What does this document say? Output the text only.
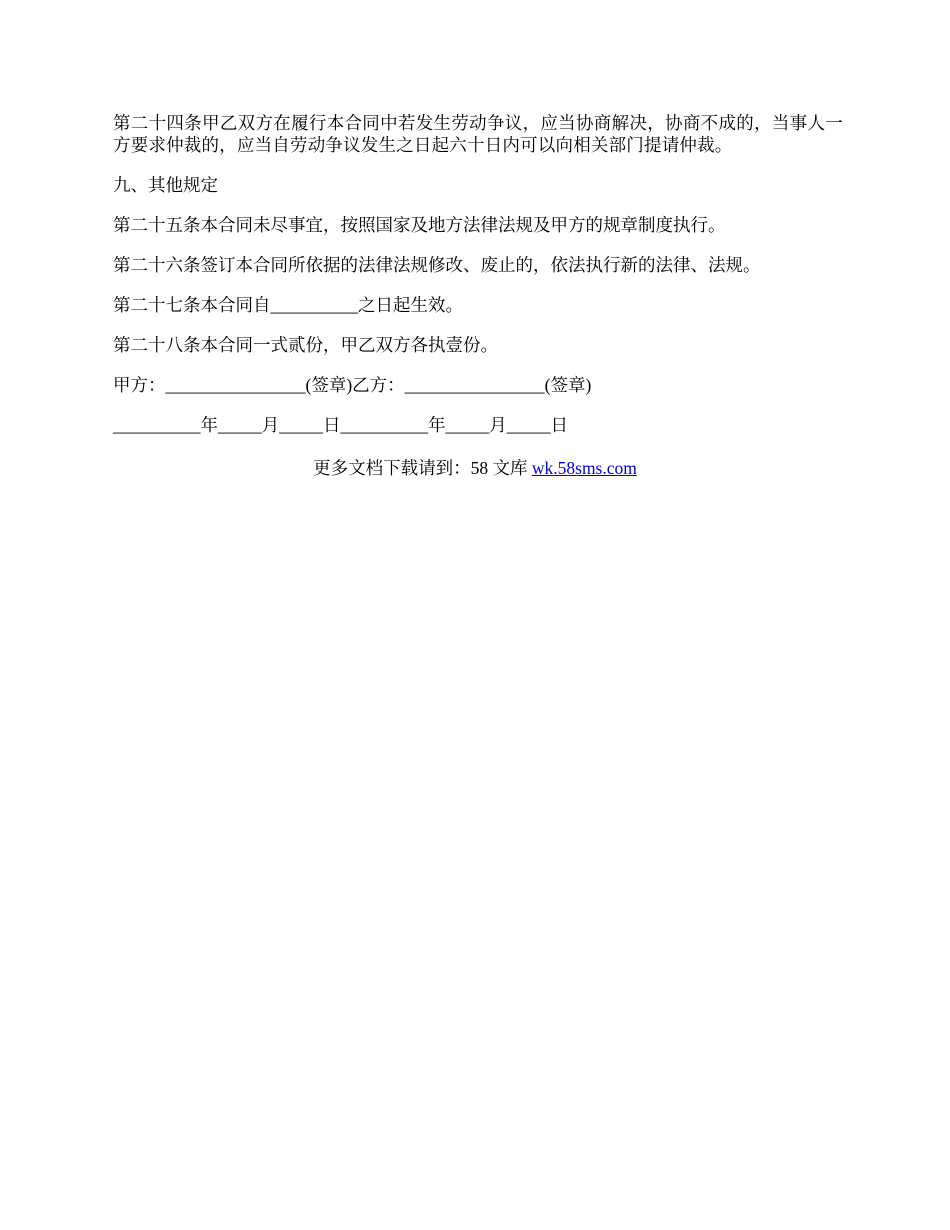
第二十四条甲乙双方在履行本合同中若发生劳动争议，应当协商解决，协商不成的，当事人一方要求仲裁的，应当自劳动争议发生之日起六十日内可以向相关部门提请仲裁。

九、其他规定

第二十五条本合同未尽事宜，按照国家及地方法律法规及甲方的规章制度执行。

第二十六条签订本合同所依据的法律法规修改、废止的，依法执行新的法律、法规。

第二十七条本合同自__________之日起生效。

第二十八条本合同一式贰份，甲乙双方各执壹份。

甲方：________________(签章)乙方：________________(签章)

__________年_____月_____日__________年_____月_____日

更多文档下载请到：58 文库 wk.58sms.com
